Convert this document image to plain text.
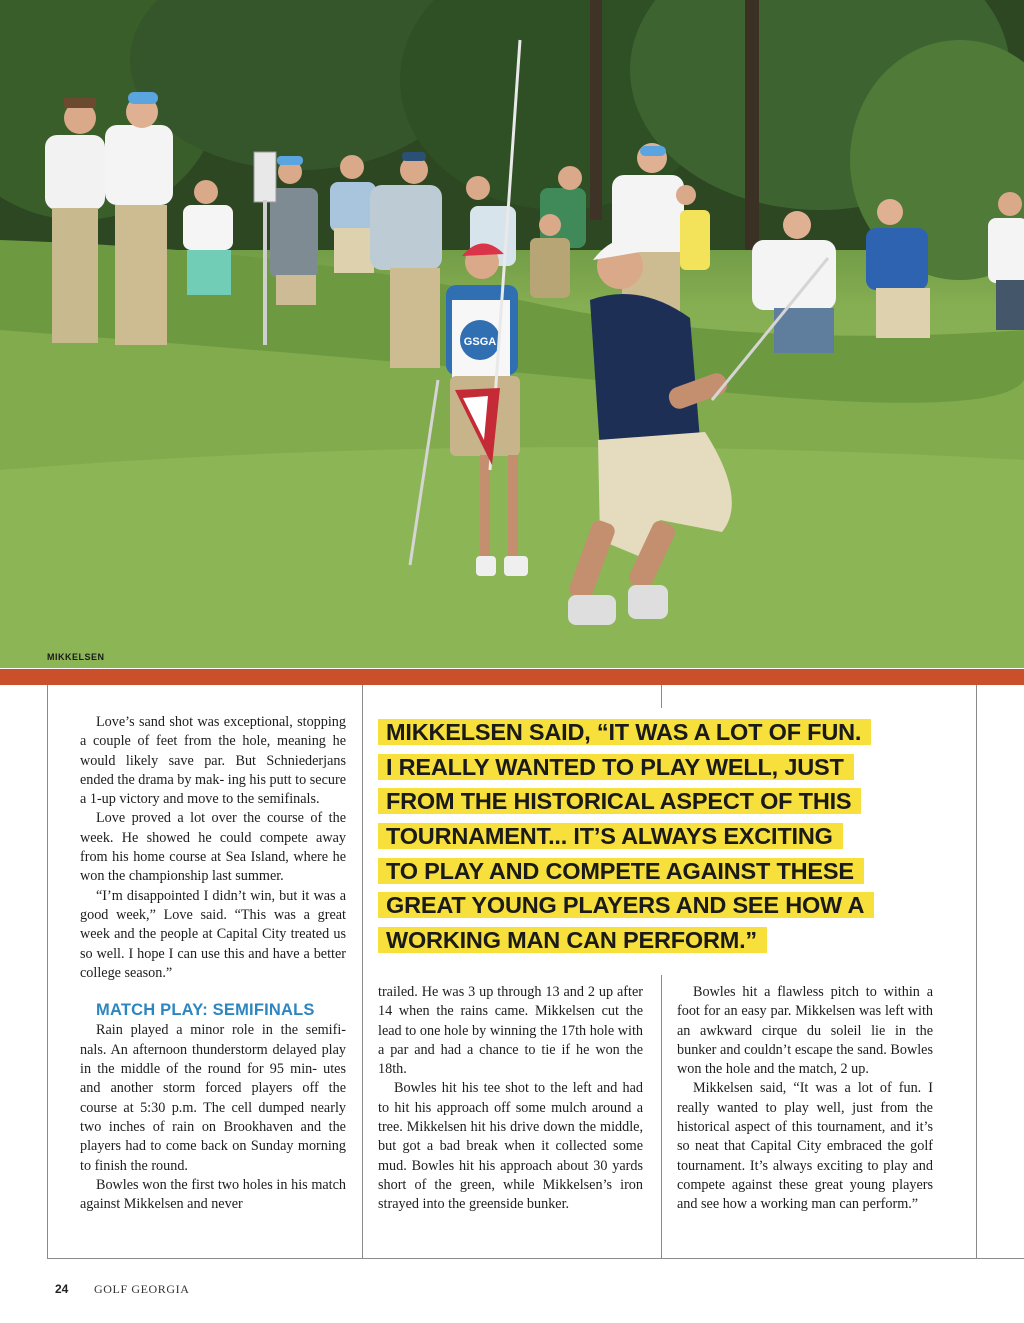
GSGA
MIKKELSEN
MIKKELSEN SAID, “IT WAS A LOT OF FUN.
I REALLY WANTED TO PLAY WELL, JUST
FROM THE HISTORICAL ASPECT OF THIS
TOURNAMENT... IT’S ALWAYS EXCITING
TO PLAY AND COMPETE AGAINST THESE
GREAT YOUNG PLAYERS AND SEE HOW A
WORKING MAN CAN PERFORM.”

Love’s sand shot was exceptional, stopping a couple of feet from the hole, meaning he would likely save par. But Schniederjans ended the drama by mak- ing his putt to secure a 1-up victory and move to the semifinals.

Love proved a lot over the course of the week. He showed he could compete away from his home course at Sea Island, where he won the championship last summer.

“I’m disappointed I didn’t win, but it was a good week,” Love said. “This was a great week and the people at Capital City treated us so well. I hope I can use this and have a better college season.”

MATCH PLAY: SEMIFINALS

Rain played a minor role in the semifi- nals. An afternoon thunderstorm delayed play in the middle of the round for 95 min- utes and another storm forced players off the course at 5:30 p.m. The cell dumped nearly two inches of rain on Brookhaven and the players had to come back on Sunday morning to finish the round.

Bowles won the first two holes in his match against Mikkelsen and never

trailed. He was 3 up through 13 and 2 up after 14 when the rains came. Mikkelsen cut the lead to one hole by winning the 17th hole with a par and had a chance to tie if he won the 18th.

Bowles hit his tee shot to the left and had to hit his approach off some mulch around a tree. Mikkelsen hit his drive down the middle, but got a bad break when it collected some mud. Bowles hit his approach about 30 yards short of the green, while Mikkelsen’s iron strayed into the greenside bunker.

Bowles hit a flawless pitch to within a foot for an easy par. Mikkelsen was left with an awkward cirque du soleil lie in the bunker and couldn’t escape the sand. Bowles won the hole and the match, 2 up.

Mikkelsen said, “It was a lot of fun. I really wanted to play well, just from the historical aspect of this tournament, and it’s so neat that Capital City embraced the golf tournament. It’s always exciting to play and compete against these great young players and see how a working man can perform.”

24 GOLF GEORGIA
